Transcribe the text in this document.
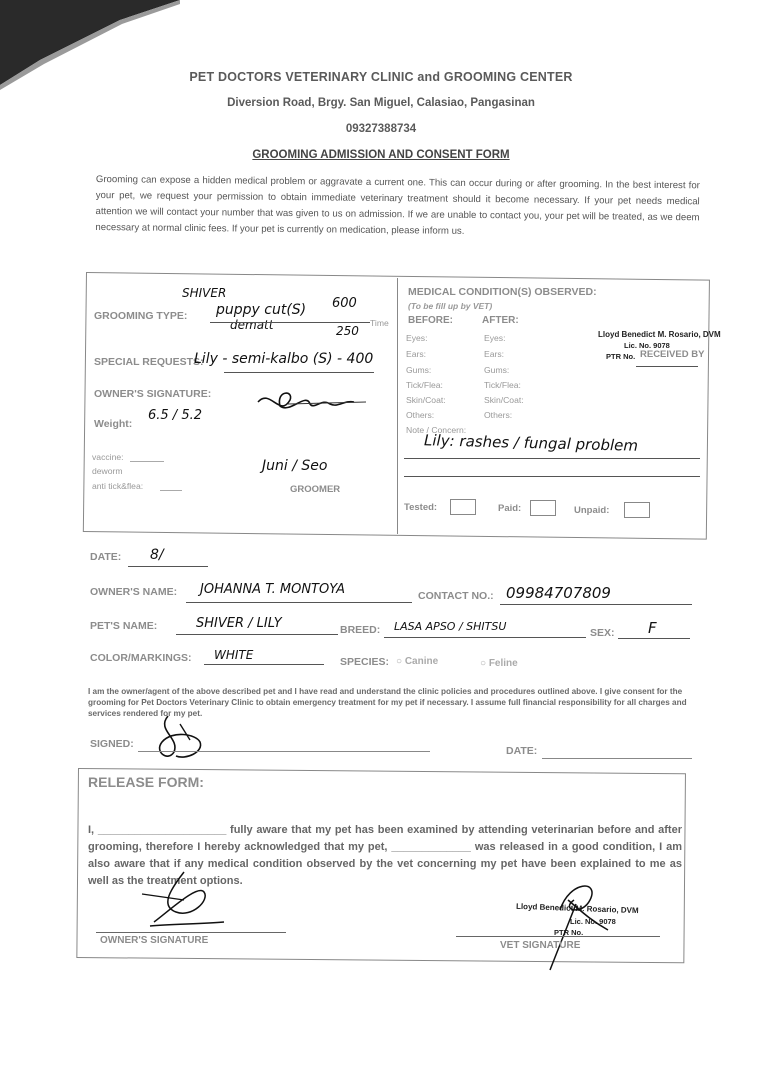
PET DOCTORS VETERINARY CLINIC and GROOMING CENTER
Diversion Road, Brgy. San Miguel, Calasiao, Pangasinan
09327388734
GROOMING ADMISSION AND CONSENT FORM
Grooming can expose a hidden medical problem or aggravate a current one. This can occur during or after grooming. In the best interest for your pet, we request your permission to obtain immediate veterinary treatment should it become necessary. If your pet needs medical attention we will contact your number that was given to us on admission. If we are unable to contact you, your pet will be treated, as we deem necessary at normal clinic fees. If your pet is currently on medication, please inform us.
SHIVER
GROOMING TYPE: puppy cut(S)
dematt
600
250
Time
SPECIAL REQUESTS:
Lily - semi-kalbo (S) - 400
OWNER'S SIGNATURE:
Weight:
6.5 / 5.2
vaccine:
deworm
anti tick&flea:
Juni / Seo
GROOMER
MEDICAL CONDITION(S) OBSERVED:
(To be fill up by VET)
BEFORE:	AFTER:
Eyes:	Eyes:
Ears:	Ears:
Gums:	Gums:
Tick/Flea:	Tick/Flea:
Skin/Coat:	Skin/Coat:
Others:	Others:
Note / Concern:
Lloyd Benedict M. Rosario, DVM
Lic. No. 9078
PTR No. RECEIVED BY
Lily: rashes / fungal problem
Tested:	Paid:	Unpaid:
DATE: 8/
OWNER'S NAME: JOHANNA T. MONTOYA	CONTACT NO.: 09984707809
PET'S NAME:	SHIVER / LILY	BREED: LASA APSO / SHITSU	SEX: F
COLOR/MARKINGS: WHITE	SPECIES: ○ Canine	○ Feline
I am the owner/agent of the above described pet and I have read and understand the clinic policies and procedures outlined above. I give consent for the grooming for Pet Doctors Veterinary Clinic to obtain emergency treatment for my pet if necessary. I assume full financial responsibility for all charges and services rendered for my pet.
SIGNED:
DATE:
RELEASE FORM:
I, _____________________ fully aware that my pet has been examined by attending veterinarian before and after grooming, therefore I hereby acknowledged that my pet, _____________ was released in a good condition, I am also aware that if any medical condition observed by the vet concerning my pet have been explained to me as well as the treatment options.
OWNER'S SIGNATURE
Lloyd Benedict M. Rosario, DVM
Lic. No. 9078
PTR No.
VET SIGNATURE
